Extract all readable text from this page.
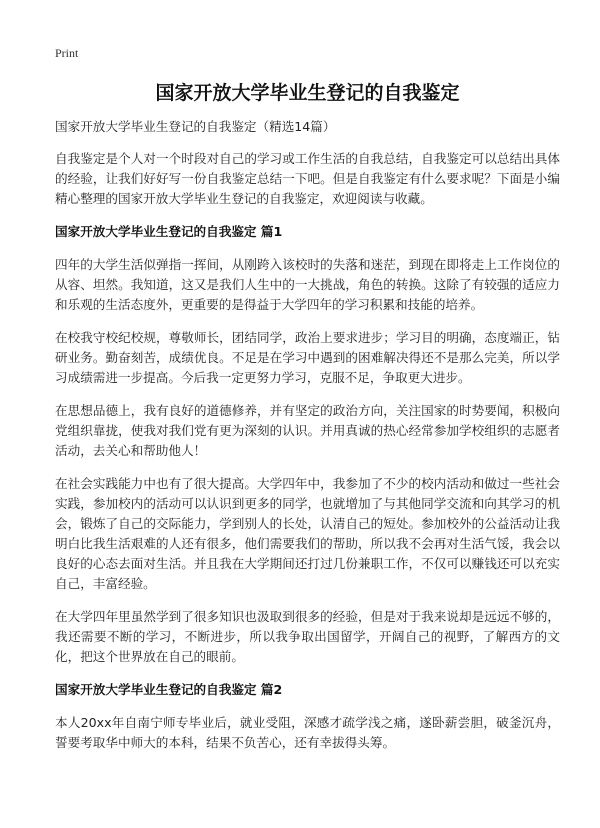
Print
国家开放大学毕业生登记的自我鉴定

国家开放大学毕业生登记的自我鉴定（精选14篇）

自我鉴定是个人对一个时段对自己的学习或工作生活的自我总结，自我鉴定可以总结出具体的经验，让我们好好写一份自我鉴定总结一下吧。但是自我鉴定有什么要求呢？下面是小编精心整理的国家开放大学毕业生登记的自我鉴定，欢迎阅读与收藏。

国家开放大学毕业生登记的自我鉴定 篇1

四年的大学生活似弹指一挥间，从刚跨入该校时的失落和迷茫，到现在即将走上工作岗位的从容、坦然。我知道，这又是我们人生中的一大挑战，角色的转换。这除了有较强的适应力和乐观的生活态度外，更重要的是得益于大学四年的学习积累和技能的培养。

在校我守校纪校规，尊敬师长，团结同学，政治上要求进步；学习目的明确，态度端正，钻研业务。勤奋刻苦，成绩优良。不足是在学习中遇到的困难解决得还不是那么完美，所以学习成绩需进一步提高。今后我一定更努力学习，克服不足，争取更大进步。

在思想品德上，我有良好的道德修养，并有坚定的政治方向，关注国家的时势要闻，积极向党组织靠拢，使我对我们党有更为深刻的认识。并用真诚的热心经常参加学校组织的志愿者活动，去关心和帮助他人！

在社会实践能力中也有了很大提高。大学四年中，我参加了不少的校内活动和做过一些社会实践，参加校内的活动可以认识到更多的同学，也就增加了与其他同学交流和向其学习的机会，锻炼了自己的交际能力，学到别人的长处，认清自己的短处。参加校外的公益活动让我明白比我生活艰难的人还有很多，他们需要我们的帮助，所以我不会再对生活气馁，我会以良好的心态去面对生活。并且我在大学期间还打过几份兼职工作，不仅可以赚钱还可以充实自己，丰富经验。

在大学四年里虽然学到了很多知识也汲取到很多的经验，但是对于我来说却是远远不够的，我还需要不断的学习，不断进步，所以我争取出国留学，开阔自己的视野，了解西方的文化，把这个世界放在自己的眼前。

国家开放大学毕业生登记的自我鉴定 篇2

本人20xx年自南宁师专毕业后，就业受阻，深感才疏学浅之痛，遂卧薪尝胆，破釜沉舟，誓要考取华中师大的本科，结果不负苦心，还有幸拔得头筹。
